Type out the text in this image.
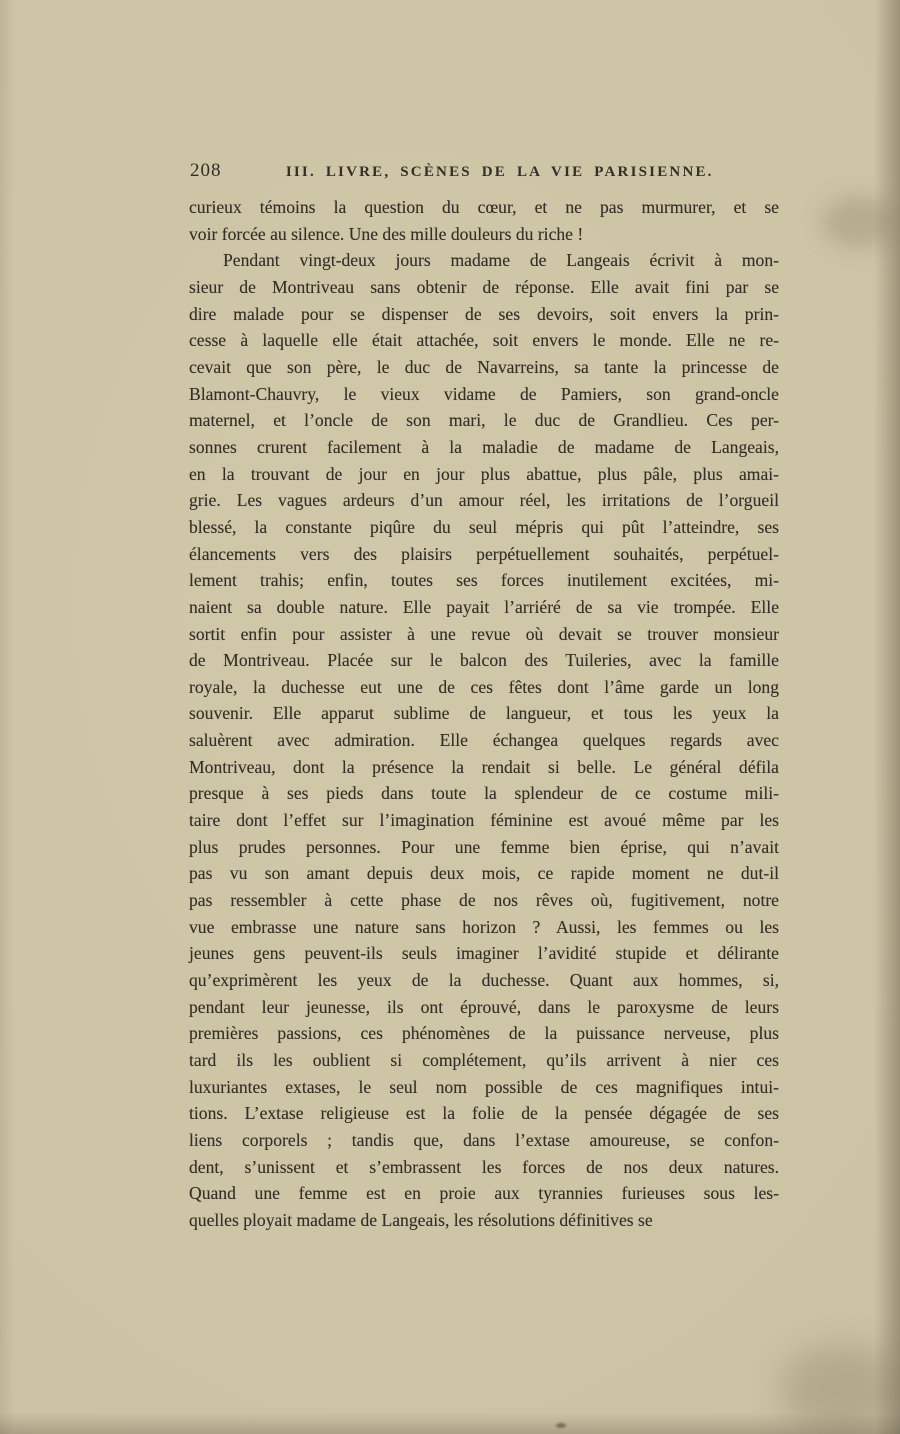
208	III. LIVRE, SCÈNES DE LA VIE PARISIENNE.
curieux témoins la question du cœur, et ne pas murmurer, et se
voir forcée au silence. Une des mille douleurs du riche !
Pendant vingt-deux jours madame de Langeais écrivit à mon-
sieur de Montriveau sans obtenir de réponse. Elle avait fini par se
dire malade pour se dispenser de ses devoirs, soit envers la prin-
cesse à laquelle elle était attachée, soit envers le monde. Elle ne re-
cevait que son père, le duc de Navarreins, sa tante la princesse de
Blamont-Chauvry, le vieux vidame de Pamiers, son grand-oncle
maternel, et l’oncle de son mari, le duc de Grandlieu. Ces per-
sonnes crurent facilement à la maladie de madame de Langeais,
en la trouvant de jour en jour plus abattue, plus pâle, plus amai-
grie. Les vagues ardeurs d’un amour réel, les irritations de l’orgueil
blessé, la constante piqûre du seul mépris qui pût l’atteindre, ses
élancements vers des plaisirs perpétuellement souhaités, perpétuel-
lement trahis; enfin, toutes ses forces inutilement excitées, mi-
naient sa double nature. Elle payait l’arriéré de sa vie trompée. Elle
sortit enfin pour assister à une revue où devait se trouver monsieur
de Montriveau. Placée sur le balcon des Tuileries, avec la famille
royale, la duchesse eut une de ces fêtes dont l’âme garde un long
souvenir. Elle apparut sublime de langueur, et tous les yeux la
saluèrent avec admiration. Elle échangea quelques regards avec
Montriveau, dont la présence la rendait si belle. Le général défila
presque à ses pieds dans toute la splendeur de ce costume mili-
taire dont l’effet sur l’imagination féminine est avoué même par les
plus prudes personnes. Pour une femme bien éprise, qui n’avait
pas vu son amant depuis deux mois, ce rapide moment ne dut-il
pas ressembler à cette phase de nos rêves où, fugitivement, notre
vue embrasse une nature sans horizon ? Aussi, les femmes ou les
jeunes gens peuvent-ils seuls imaginer l’avidité stupide et délirante
qu’exprimèrent les yeux de la duchesse. Quant aux hommes, si,
pendant leur jeunesse, ils ont éprouvé, dans le paroxysme de leurs
premières passions, ces phénomènes de la puissance nerveuse, plus
tard ils les oublient si complétement, qu’ils arrivent à nier ces
luxuriantes extases, le seul nom possible de ces magnifiques intui-
tions. L’extase religieuse est la folie de la pensée dégagée de ses
liens corporels ; tandis que, dans l’extase amoureuse, se confon-
dent, s’unissent et s’embrassent les forces de nos deux natures.
Quand une femme est en proie aux tyrannies furieuses sous les-
quelles ployait madame de Langeais, les résolutions définitives se
